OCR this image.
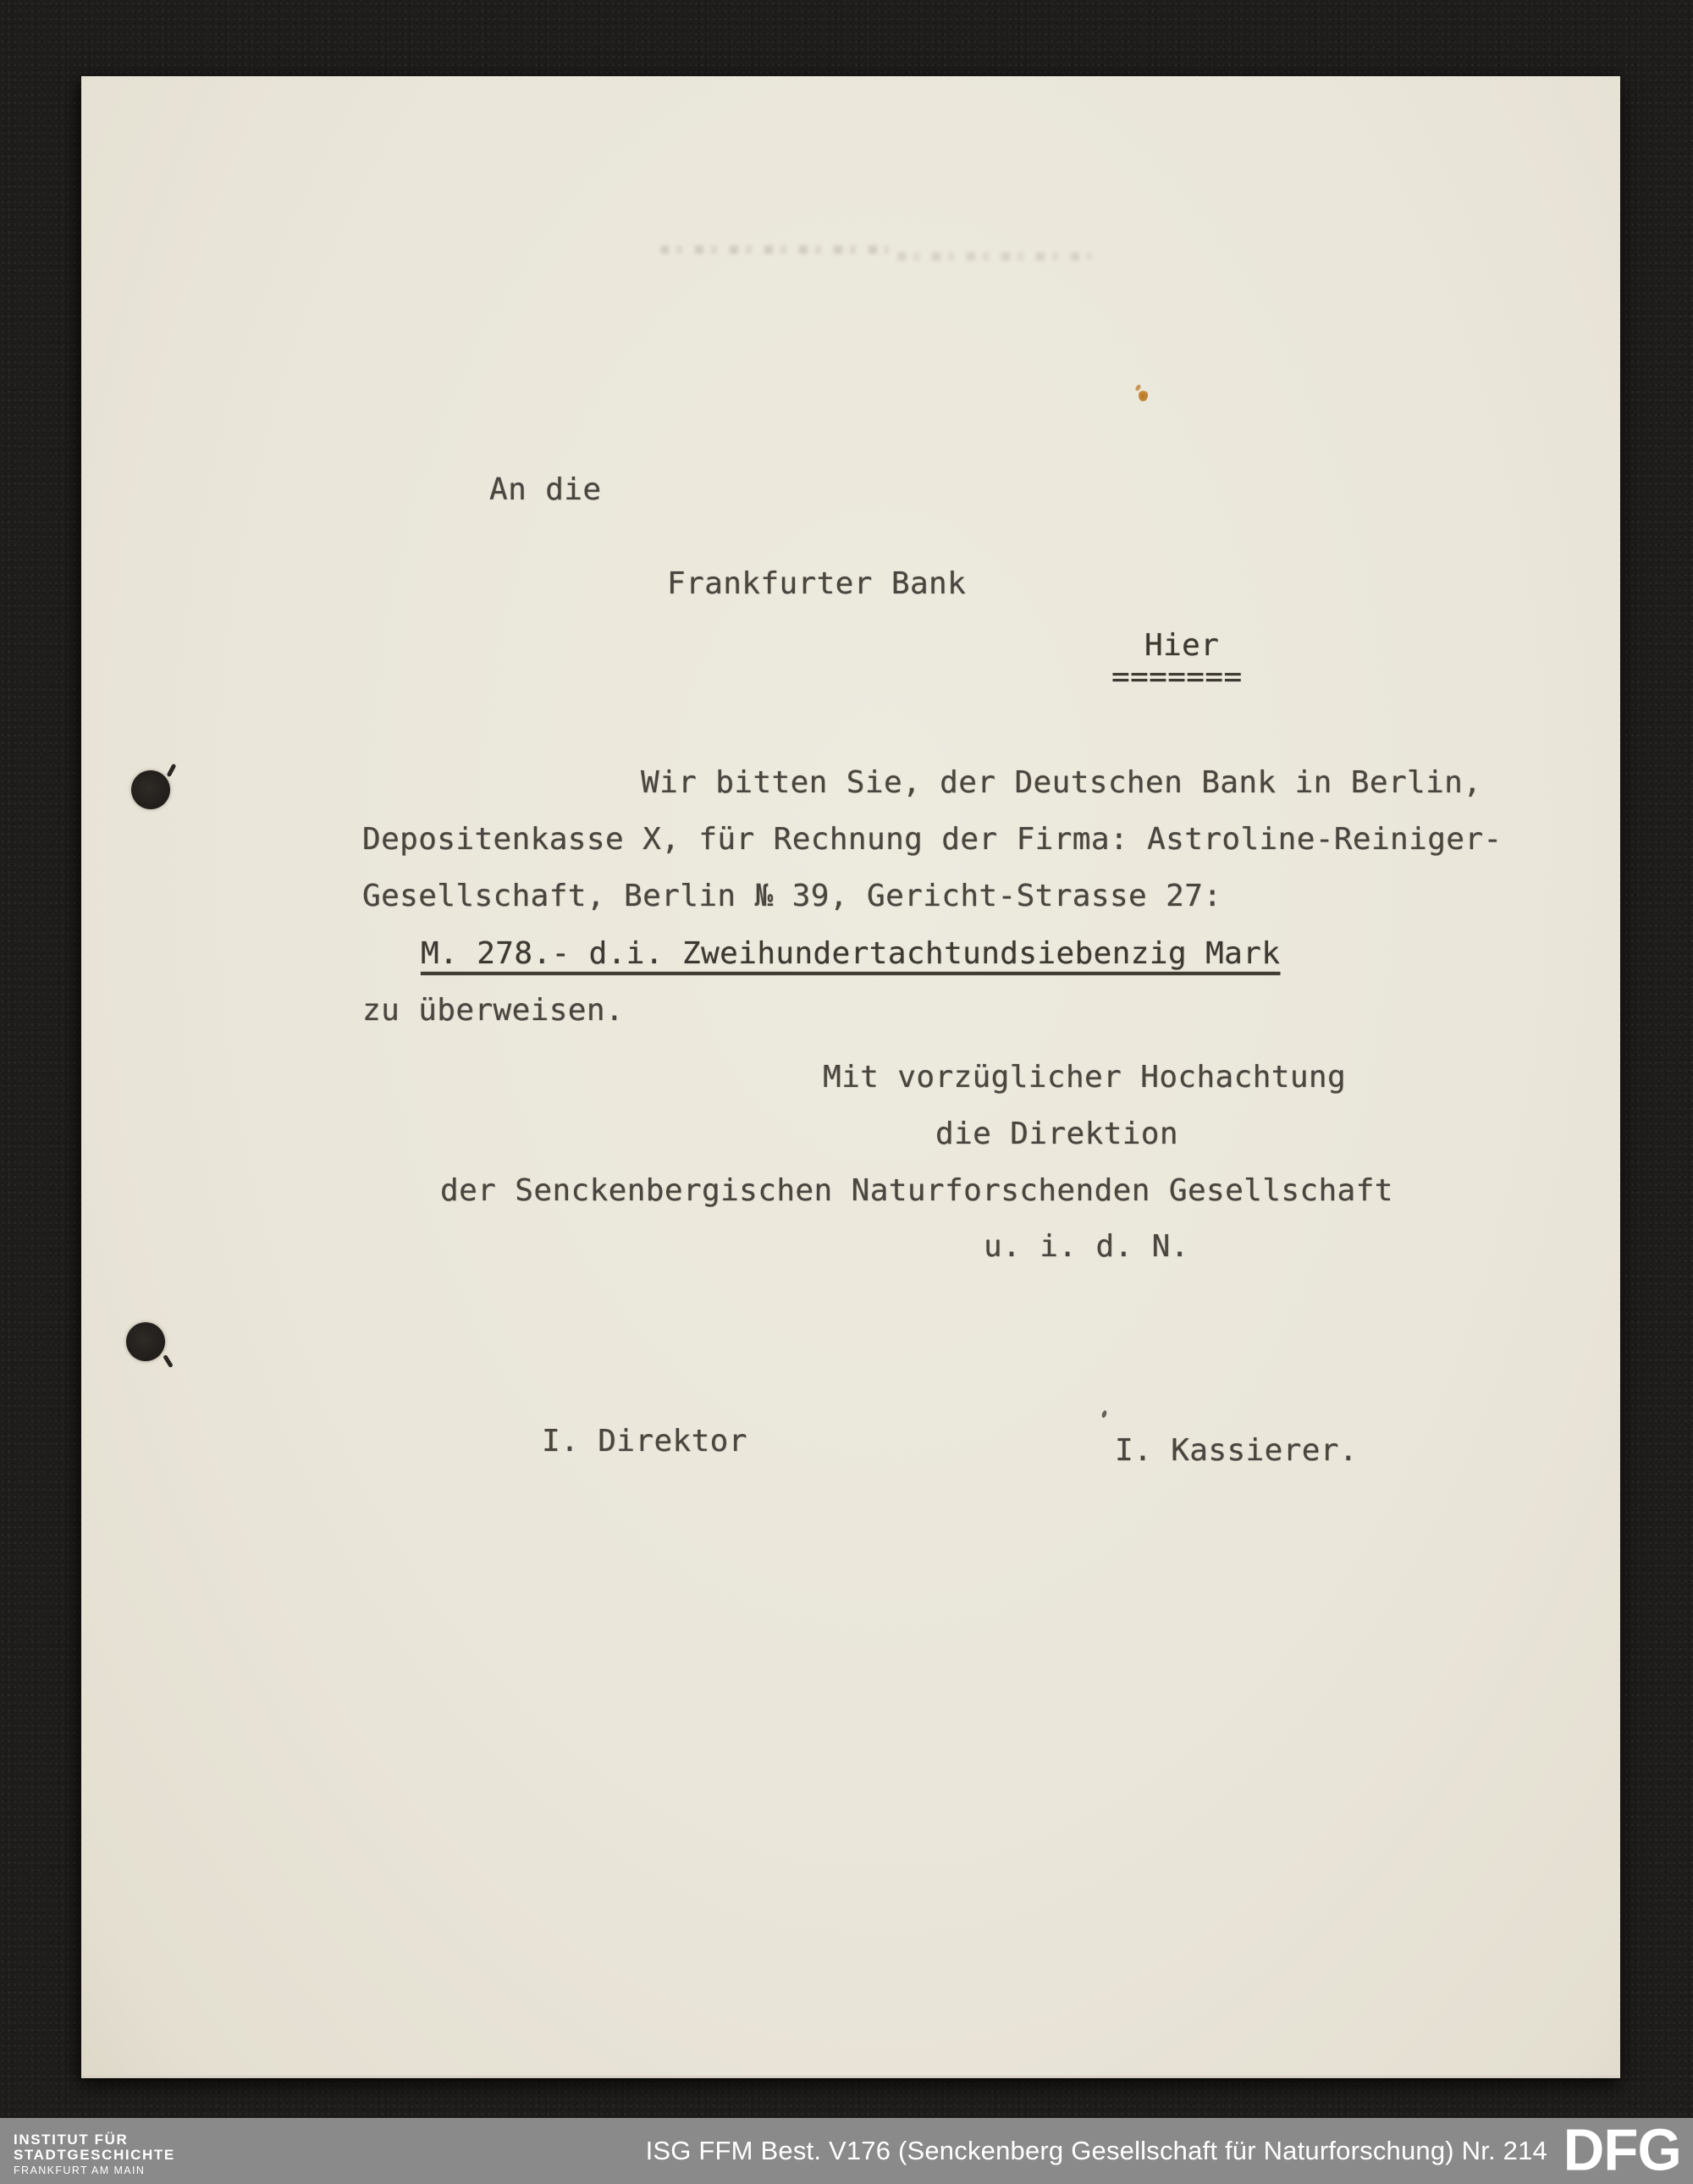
An die
Frankfurter Bank
Hier
=======
Wir bitten Sie, der Deutschen Bank in Berlin,
Depositenkasse X, für Rechnung der Firma: Astroline-Reiniger-
Gesellschaft, Berlin № 39, Gericht-Strasse 27:
M. 278.- d.i. Zweihundertachtundsiebenzig Mark
zu überweisen.
Mit vorzüglicher Hochachtung
die Direktion
der Senckenbergischen Naturforschenden Gesellschaft
u. i. d. N.
I. Direktor	I. Kassierer.
INSTITUT FÜR
STADTGESCHICHTE
FRANKFURT AM MAIN
ISG FFM Best. V176 (Senckenberg Gesellschaft für Naturforschung) Nr. 214 DFG
